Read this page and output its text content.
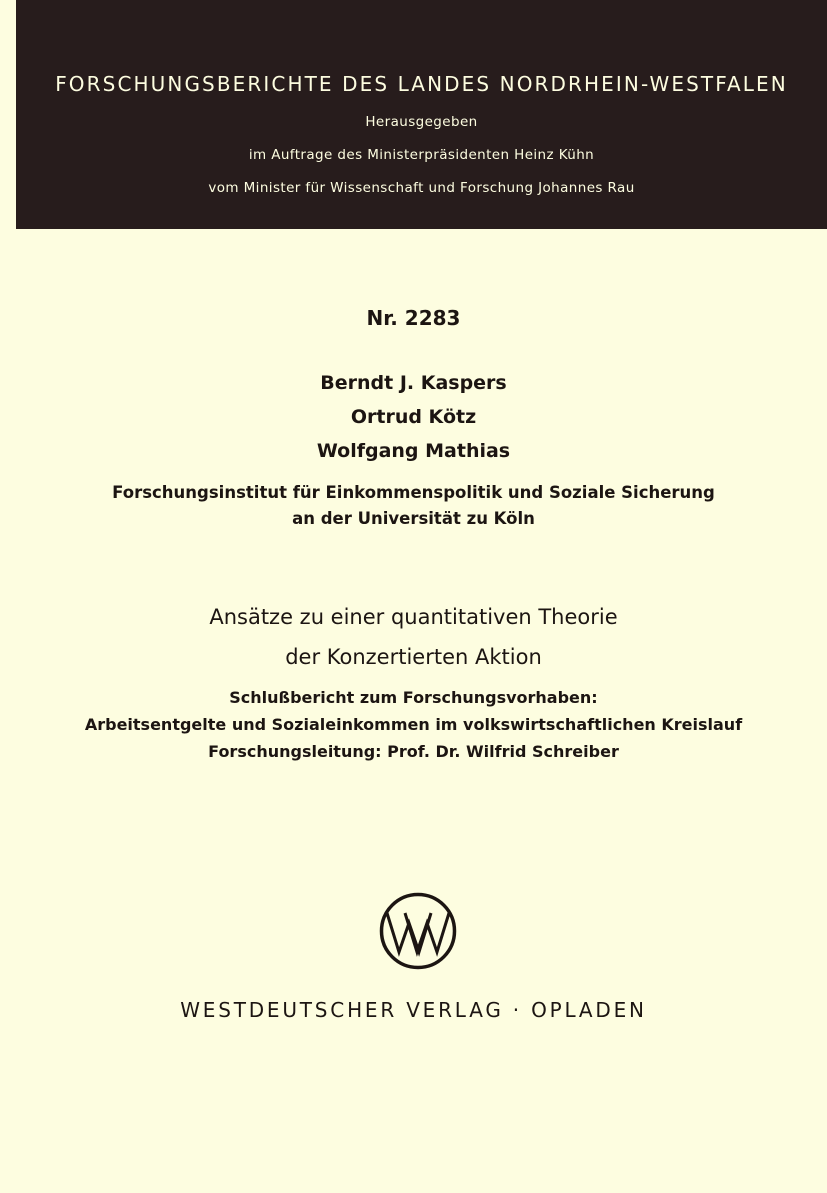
FORSCHUNGSBERICHTE DES LANDES NORDRHEIN-WESTFALEN
Herausgegeben
im Auftrage des Ministerpräsidenten Heinz Kühn
vom Minister für Wissenschaft und Forschung Johannes Rau
Nr. 2283
Berndt J. Kaspers
Ortrud Kötz
Wolfgang Mathias
Forschungsinstitut für Einkommenspolitik und Soziale Sicherung
an der Universität zu Köln
Ansätze zu einer quantitativen Theorie
der Konzertierten Aktion
Schlußbericht zum Forschungsvorhaben:
Arbeitsentgelte und Sozialeinkommen im volkswirtschaftlichen Kreislauf
Forschungsleitung: Prof. Dr. Wilfrid Schreiber
WESTDEUTSCHER VERLAG · OPLADEN
